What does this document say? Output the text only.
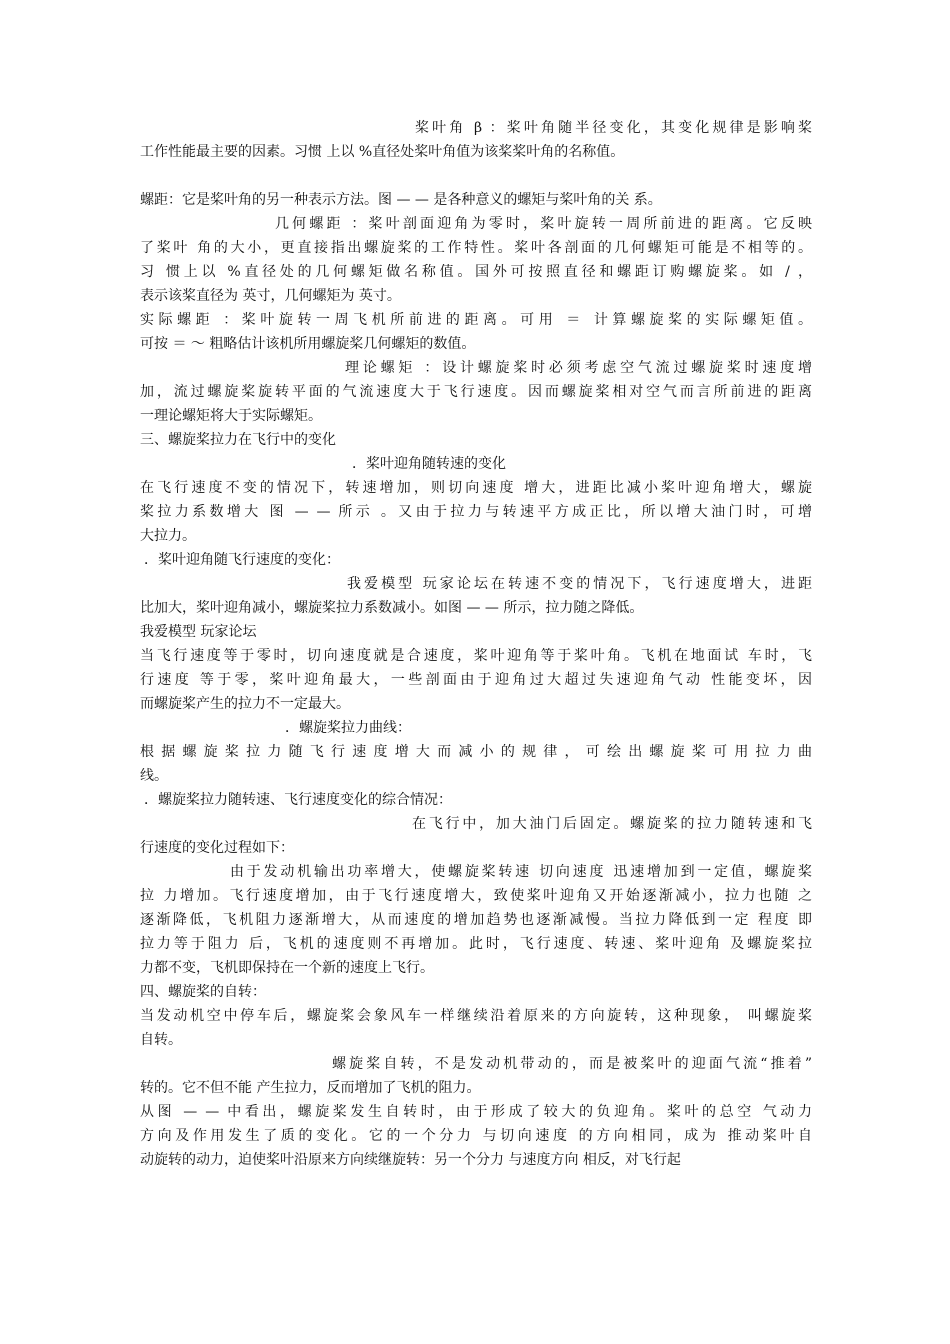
桨叶角 β ：桨叶角随半径变化，其变化规律是影响桨
工作性能最主要的因素。习惯 上以 %直径处桨叶角值为该桨桨叶角的名称值。
螺距：它是桨叶角的另一种表示方法。图 — — 是各种意义的螺矩与桨叶角的关 系。
几何螺距 ：桨叶剖面迎角为零时，桨叶旋转一周所前进的距离。它反映
了桨叶 角的大小，更直接指出螺旋桨的工作特性。桨叶各剖面的几何螺矩可能是不相等的。
习 惯上以 %直径处的几何螺矩做名称值。国外可按照直径和螺距订购螺旋桨。如 / ，
表示该桨直径为 英寸，几何螺矩为 英寸。
实际螺距 ：桨叶旋转一周飞机所前进的距离。可用 ＝ 计算螺旋桨的实际螺矩值。
可按 ＝ ～ 粗略估计该机所用螺旋桨几何螺矩的数值。
理论螺矩 ：设计螺旋桨时必须考虑空气流过螺旋桨时速度增
加，流过螺旋桨旋转平面的气流速度大于飞行速度。因而螺旋桨相对空气而言所前进的距离
一理论螺矩将大于实际螺矩。
三、螺旋桨拉力在飞行中的变化
．桨叶迎角随转速的变化
在飞行速度不变的情况下，转速增加，则切向速度 增大，进距比减小桨叶迎角增大，螺旋
桨拉力系数增大 图 — — 所示 。又由于拉力与转速平方成正比，所以增大油门时，可增
大拉力。
．桨叶迎角随飞行速度的变化：
我爱模型 玩家论坛在转速不变的情况下，飞行速度增大，进距
比加大，桨叶迎角减小，螺旋桨拉力系数减小。如图 — — 所示，拉力随之降低。
我爱模型 玩家论坛
当飞行速度等于零时，切向速度就是合速度，桨叶迎角等于桨叶角。飞机在地面试 车时，飞
行速度 等于零，桨叶迎角最大，一些剖面由于迎角过大超过失速迎角气动 性能变坏，因
而螺旋桨产生的拉力不一定最大。
．螺旋桨拉力曲线：
根据螺旋桨拉力随飞行速度增大而减小的规律，可绘出螺旋桨可用拉力曲
线。
．螺旋桨拉力随转速、飞行速度变化的综合情况：
在飞行中，加大油门后固定。螺旋桨的拉力随转速和飞
行速度的变化过程如下：
由于发动机输出功率增大，使螺旋桨转速 切向速度 迅速增加到一定值，螺旋桨
拉 力增加。飞行速度增加，由于飞行速度增大，致使桨叶迎角又开始逐渐减小，拉力也随 之
逐渐降低，飞机阻力逐渐增大，从而速度的增加趋势也逐渐减慢。当拉力降低到一定 程度 即
拉力等于阻力 后，飞机的速度则不再增加。此时，飞行速度、转速、桨叶迎角 及螺旋桨拉
力都不变，飞机即保持在一个新的速度上飞行。
四、螺旋桨的自转：
当发动机空中停车后，螺旋桨会象风车一样继续沿着原来的方向旋转，这种现象， 叫螺旋桨
自转。
螺旋桨自转，不是发动机带动的，而是被桨叶的迎面气流“推着”
转的。它不但不能 产生拉力，反而增加了飞机的阻力。
从图 — — 中看出，螺旋桨发生自转时，由于形成了较大的负迎角。桨叶的总空 气动力
方向及作用发生了质的变化。它的一个分力 与切向速度 的方向相同，成为 推动桨叶自
动旋转的动力，迫使桨叶沿原来方向续继旋转：另一个分力 与速度方向 相反，对飞行起
